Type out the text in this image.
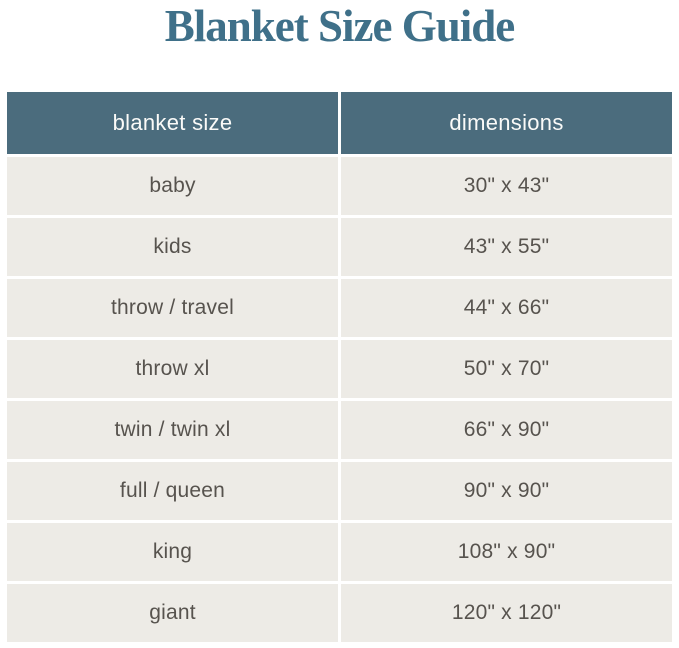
Blanket Size Guide
blanket size	dimensions
baby	30" x 43"
kids	43" x 55"
throw / travel	44" x 66"
throw xl	50" x 70"
twin / twin xl	66" x 90"
full / queen	90" x 90"
king	108" x 90"
giant	120" x 120"
